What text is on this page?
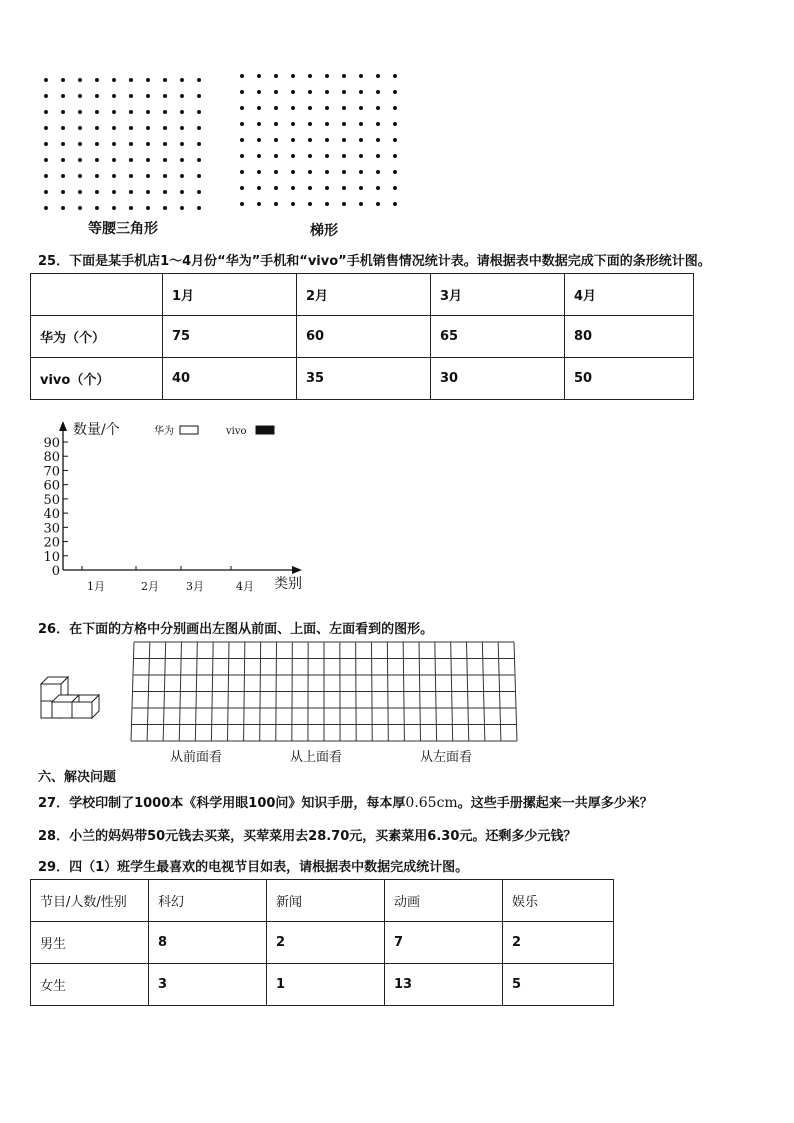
等腰三角形	梯形
25．下面是某手机店1～4月份“华为”手机和“vivo”手机销售情况统计表。请根据表中数据完成下面的条形统计图。
	1月	2月	3月	4月
华为（个）	75	60	65	80
vivo（个）	40	35	30	50
0
10
20
30
40
50
60
70
80
90
1月	2月 3月	4月
数量/个
类别
华为	vivo
26．在下面的方格中分别画出左图从前面、上面、左面看到的图形。
从前面看	从上面看	从左面看
六、解决问题
27．学校印制了1000本《科学用眼100问》知识手册，每本厚0.65cm。这些手册摞起来一共厚多少米？
28．小兰的妈妈带50元钱去买菜，买荤菜用去28.70元，买素菜用6.30元。还剩多少元钱？
29．四（1）班学生最喜欢的电视节目如表，请根据表中数据完成统计图。
节目/人数/性别	科幻	新闻	动画	娱乐
男生	8	2	7	2
女生	3	1	13	5
